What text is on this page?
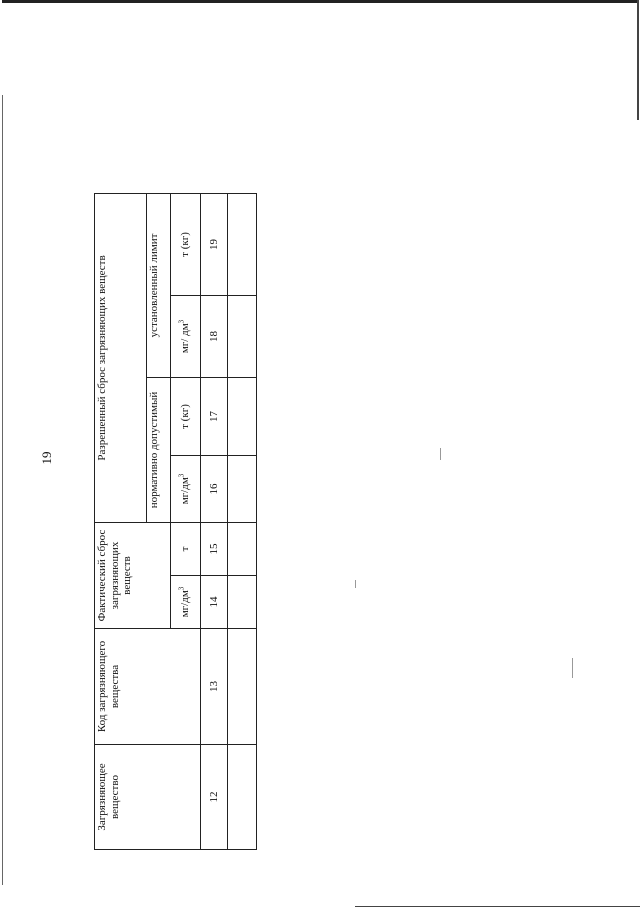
19
Загрязняющее вещество	Код загрязняющего вещества	Фактический сброс загрязняющих веществ		Разрешенный сброс загрязняющих веществ			
				нормативно допустимый		установленный лимит	
		$мг/дм^3$	т	$мг/дм^3$	т (кг)	мг/ $дм^3$	т (кг)
12	13	14	15	16	17	18	19
